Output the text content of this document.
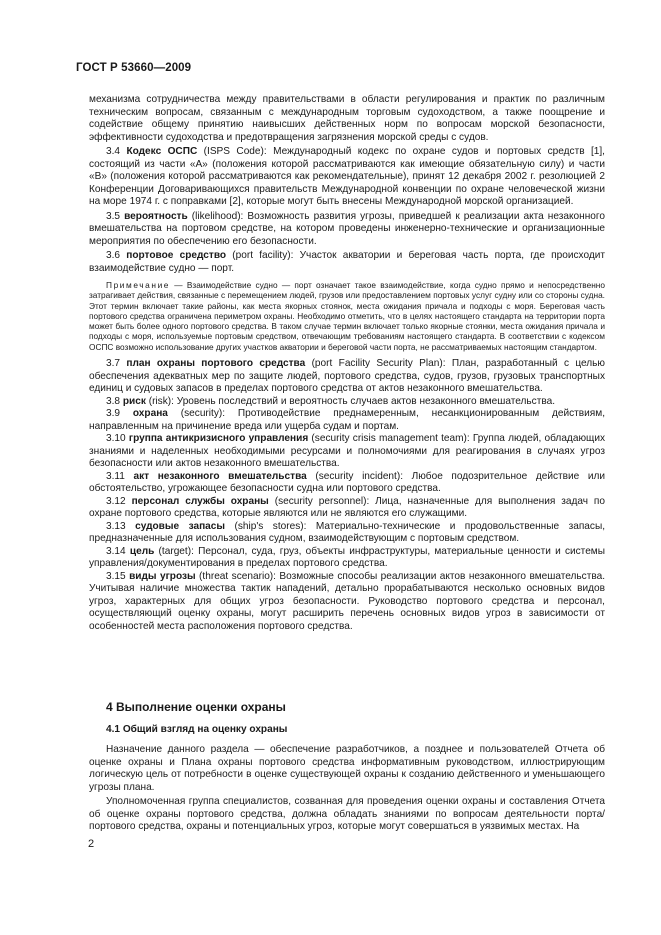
ГОСТ Р 53660—2009

механизма сотрудничества между правительствами в области регулирования и практик по различным техническим вопросам, связанным с международным торговым судоходством, а также поощрение и содействие общему принятию наивысших действенных норм по вопросам морской безопасности, эффективности судоходства и предотвращения загрязнения морской среды с судов.

3.4 Кодекс ОСПС (ISPS Code): Международный кодекс по охране судов и портовых средств [1], состоящий из части «А» (положения которой рассматриваются как имеющие обязательную силу) и части «В» (положения которой рассматриваются как рекомендательные), принят 12 декабря 2002 г. резолюцией 2 Конференции Договаривающихся правительств Международной конвенции по охране человеческой жизни на море 1974 г. с поправками [2], которые могут быть внесены Международной морской организацией.

3.5 вероятность (likelihood): Возможность развития угрозы, приведшей к реализации акта незаконного вмешательства на портовом средстве, на котором проведены инженерно-технические и организационные мероприятия по обеспечению его безопасности.

3.6 портовое средство (port facility): Участок акватории и береговая часть порта, где происходит взаимодействие судно — порт.

Примечание — Взаимодействие судно — порт означает такое взаимодействие, когда судно прямо и непосредственно затрагивает действия, связанные с перемещением людей, грузов или предоставлением портовых услуг судну или со стороны судна. Этот термин включает такие районы, как места якорных стоянок, места ожидания причала и подходы с моря. Береговая часть портового средства ограничена периметром охраны. Необходимо отметить, что в целях настоящего стандарта на территории порта может быть более одного портового средства. В таком случае термин включает только якорные стоянки, места ожидания причала и подходы с моря, используемые портовым средством, отвечающим требованиям настоящего стандарта. В соответствии с кодексом ОСПС возможно использование других участков акватории и береговой части порта, не рассматриваемых настоящим стандартом.

3.7 план охраны портового средства (port Facility Security Plan): План, разработанный с целью обеспечения адекватных мер по защите людей, портового средства, судов, грузов, грузовых транспортных единиц и судовых запасов в пределах портового средства от актов незаконного вмешательства.

3.8 риск (risk): Уровень последствий и вероятность случаев актов незаконного вмешательства.

3.9 охрана (security): Противодействие преднамеренным, несанкционированным действиям, направленным на причинение вреда или ущерба судам и портам.

3.10 группа антикризисного управления (security crisis management team): Группа людей, обладающих знаниями и наделенных необходимыми ресурсами и полномочиями для реагирования в случаях угроз безопасности или актов незаконного вмешательства.

3.11 акт незаконного вмешательства (security incident): Любое подозрительное действие или обстоятельство, угрожающее безопасности судна или портового средства.

3.12 персонал службы охраны (security personnel): Лица, назначенные для выполнения задач по охране портового средства, которые являются или не являются его служащими.

3.13 судовые запасы (ship's stores): Материально-технические и продовольственные запасы, предназначенные для использования судном, взаимодействующим с портовым средством.

3.14 цель (target): Персонал, суда, груз, объекты инфраструктуры, материальные ценности и системы управления/документирования в пределах портового средства.

3.15 виды угрозы (threat scenario): Возможные способы реализации актов незаконного вмешательства. Учитывая наличие множества тактик нападений, детально прорабатываются несколько основных видов угроз, характерных для общих угроз безопасности. Руководство портового средства и персонал, осуществляющий оценку охраны, могут расширить перечень основных видов угроз в зависимости от особенностей места расположения портового средства.

4 Выполнение оценки охраны

4.1 Общий взгляд на оценку охраны

Назначение данного раздела — обеспечение разработчиков, а позднее и пользователей Отчета об оценке охраны и Плана охраны портового средства информативным руководством, иллюстрирующим логическую цель от потребности в оценке существующей охраны к созданию действенного и уменьшающего угрозы плана.

Уполномоченная группа специалистов, созванная для проведения оценки охраны и составления Отчета об оценке охраны портового средства, должна обладать знаниями по вопросам деятельности порта/портового средства, охраны и потенциальных угроз, которые могут совершаться в уязвимых местах. На

2
